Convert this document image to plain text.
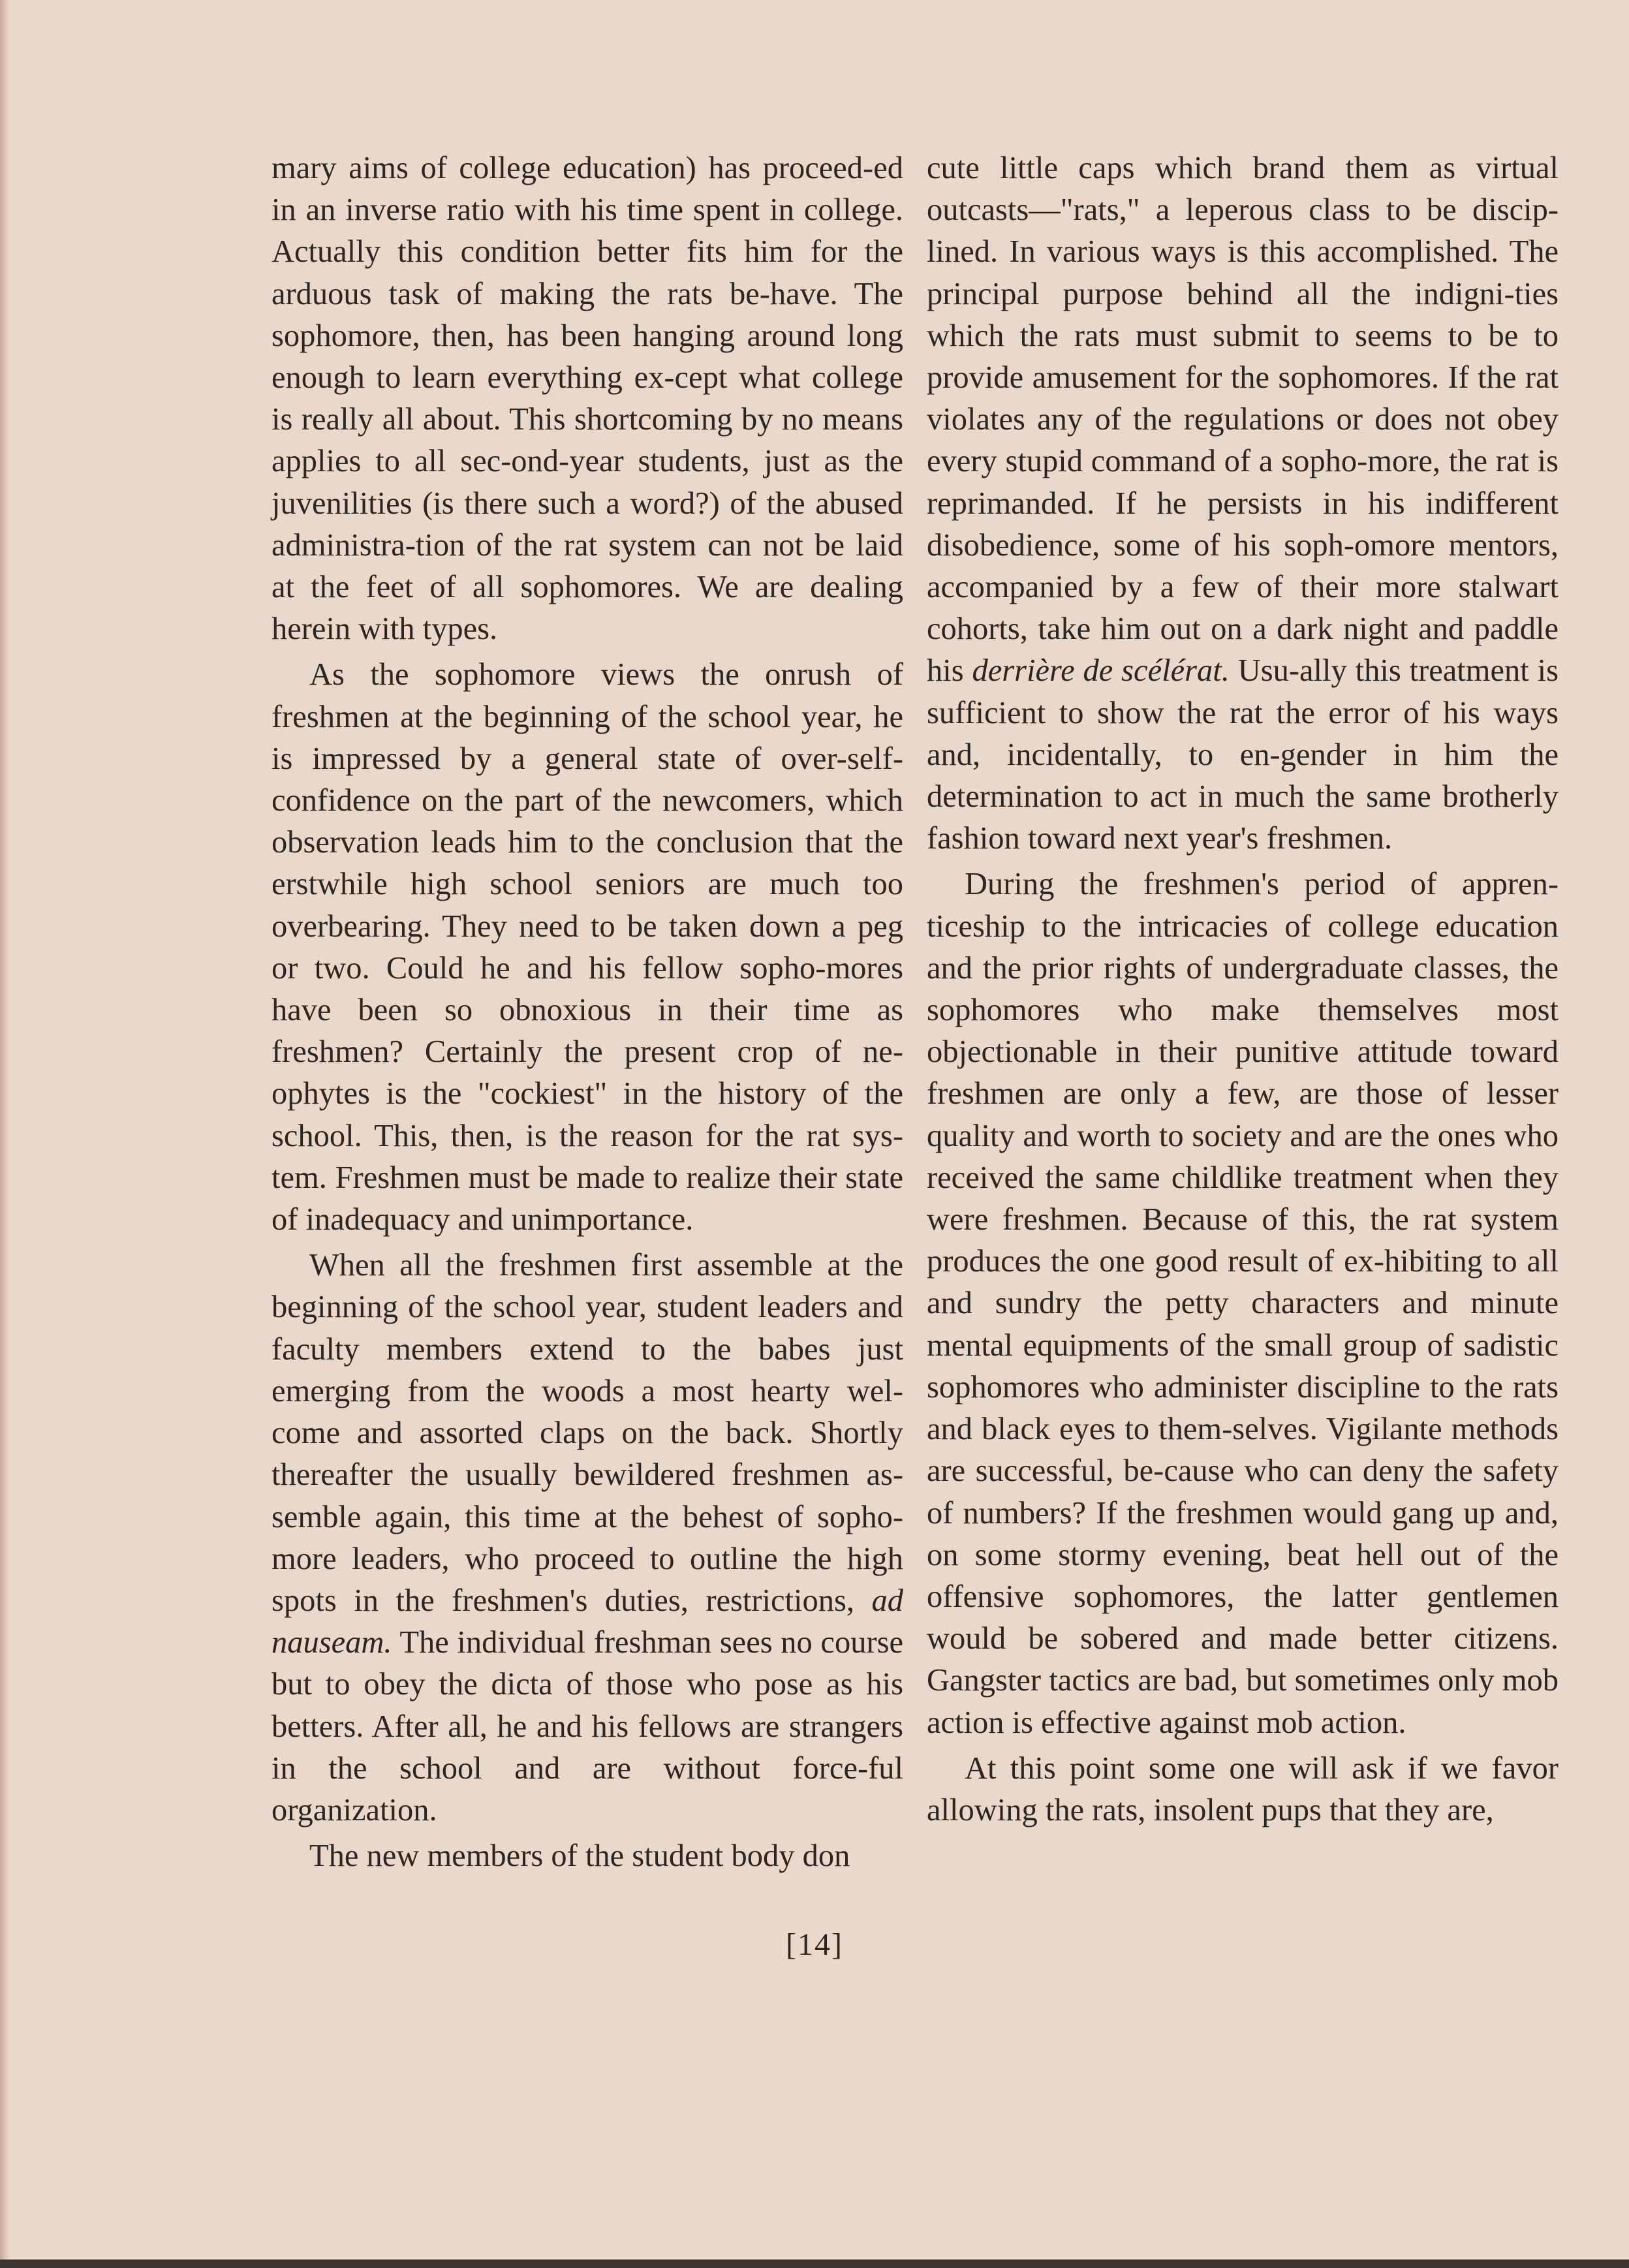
mary aims of college education) has proceed-ed in an inverse ratio with his time spent in college. Actually this condition better fits him for the arduous task of making the rats be-have. The sophomore, then, has been hanging around long enough to learn everything ex-cept what college is really all about. This shortcoming by no means applies to all sec-ond-year students, just as the juvenilities (is there such a word?) of the abused administra-tion of the rat system can not be laid at the feet of all sophomores. We are dealing herein with types.

As the sophomore views the onrush of freshmen at the beginning of the school year, he is impressed by a general state of over-self-confidence on the part of the newcomers, which observation leads him to the conclusion that the erstwhile high school seniors are much too overbearing. They need to be taken down a peg or two. Could he and his fellow sopho-mores have been so obnoxious in their time as freshmen? Certainly the present crop of ne-ophytes is the "cockiest" in the history of the school. This, then, is the reason for the rat sys-tem. Freshmen must be made to realize their state of inadequacy and unimportance.

When all the freshmen first assemble at the beginning of the school year, student leaders and faculty members extend to the babes just emerging from the woods a most hearty wel-come and assorted claps on the back. Shortly thereafter the usually bewildered freshmen as-semble again, this time at the behest of sopho-more leaders, who proceed to outline the high spots in the freshmen's duties, restrictions, ad nauseam. The individual freshman sees no course but to obey the dicta of those who pose as his betters. After all, he and his fellows are strangers in the school and are without force-ful organization.

The new members of the student body don

cute little caps which brand them as virtual outcasts—"rats," a leperous class to be discip-lined. In various ways is this accomplished. The principal purpose behind all the indigni-ties which the rats must submit to seems to be to provide amusement for the sophomores. If the rat violates any of the regulations or does not obey every stupid command of a sopho-more, the rat is reprimanded. If he persists in his indifferent disobedience, some of his soph-omore mentors, accompanied by a few of their more stalwart cohorts, take him out on a dark night and paddle his derrière de scélérat. Usu-ally this treatment is sufficient to show the rat the error of his ways and, incidentally, to en-gender in him the determination to act in much the same brotherly fashion toward next year's freshmen.

During the freshmen's period of appren-ticeship to the intricacies of college education and the prior rights of undergraduate classes, the sophomores who make themselves most objectionable in their punitive attitude toward freshmen are only a few, are those of lesser quality and worth to society and are the ones who received the same childlike treatment when they were freshmen. Because of this, the rat system produces the one good result of ex-hibiting to all and sundry the petty characters and minute mental equipments of the small group of sadistic sophomores who administer discipline to the rats and black eyes to them-selves. Vigilante methods are successful, be-cause who can deny the safety of numbers? If the freshmen would gang up and, on some stormy evening, beat hell out of the offensive sophomores, the latter gentlemen would be sobered and made better citizens. Gangster tactics are bad, but sometimes only mob action is effective against mob action.

At this point some one will ask if we favor allowing the rats, insolent pups that they are,

[14]
